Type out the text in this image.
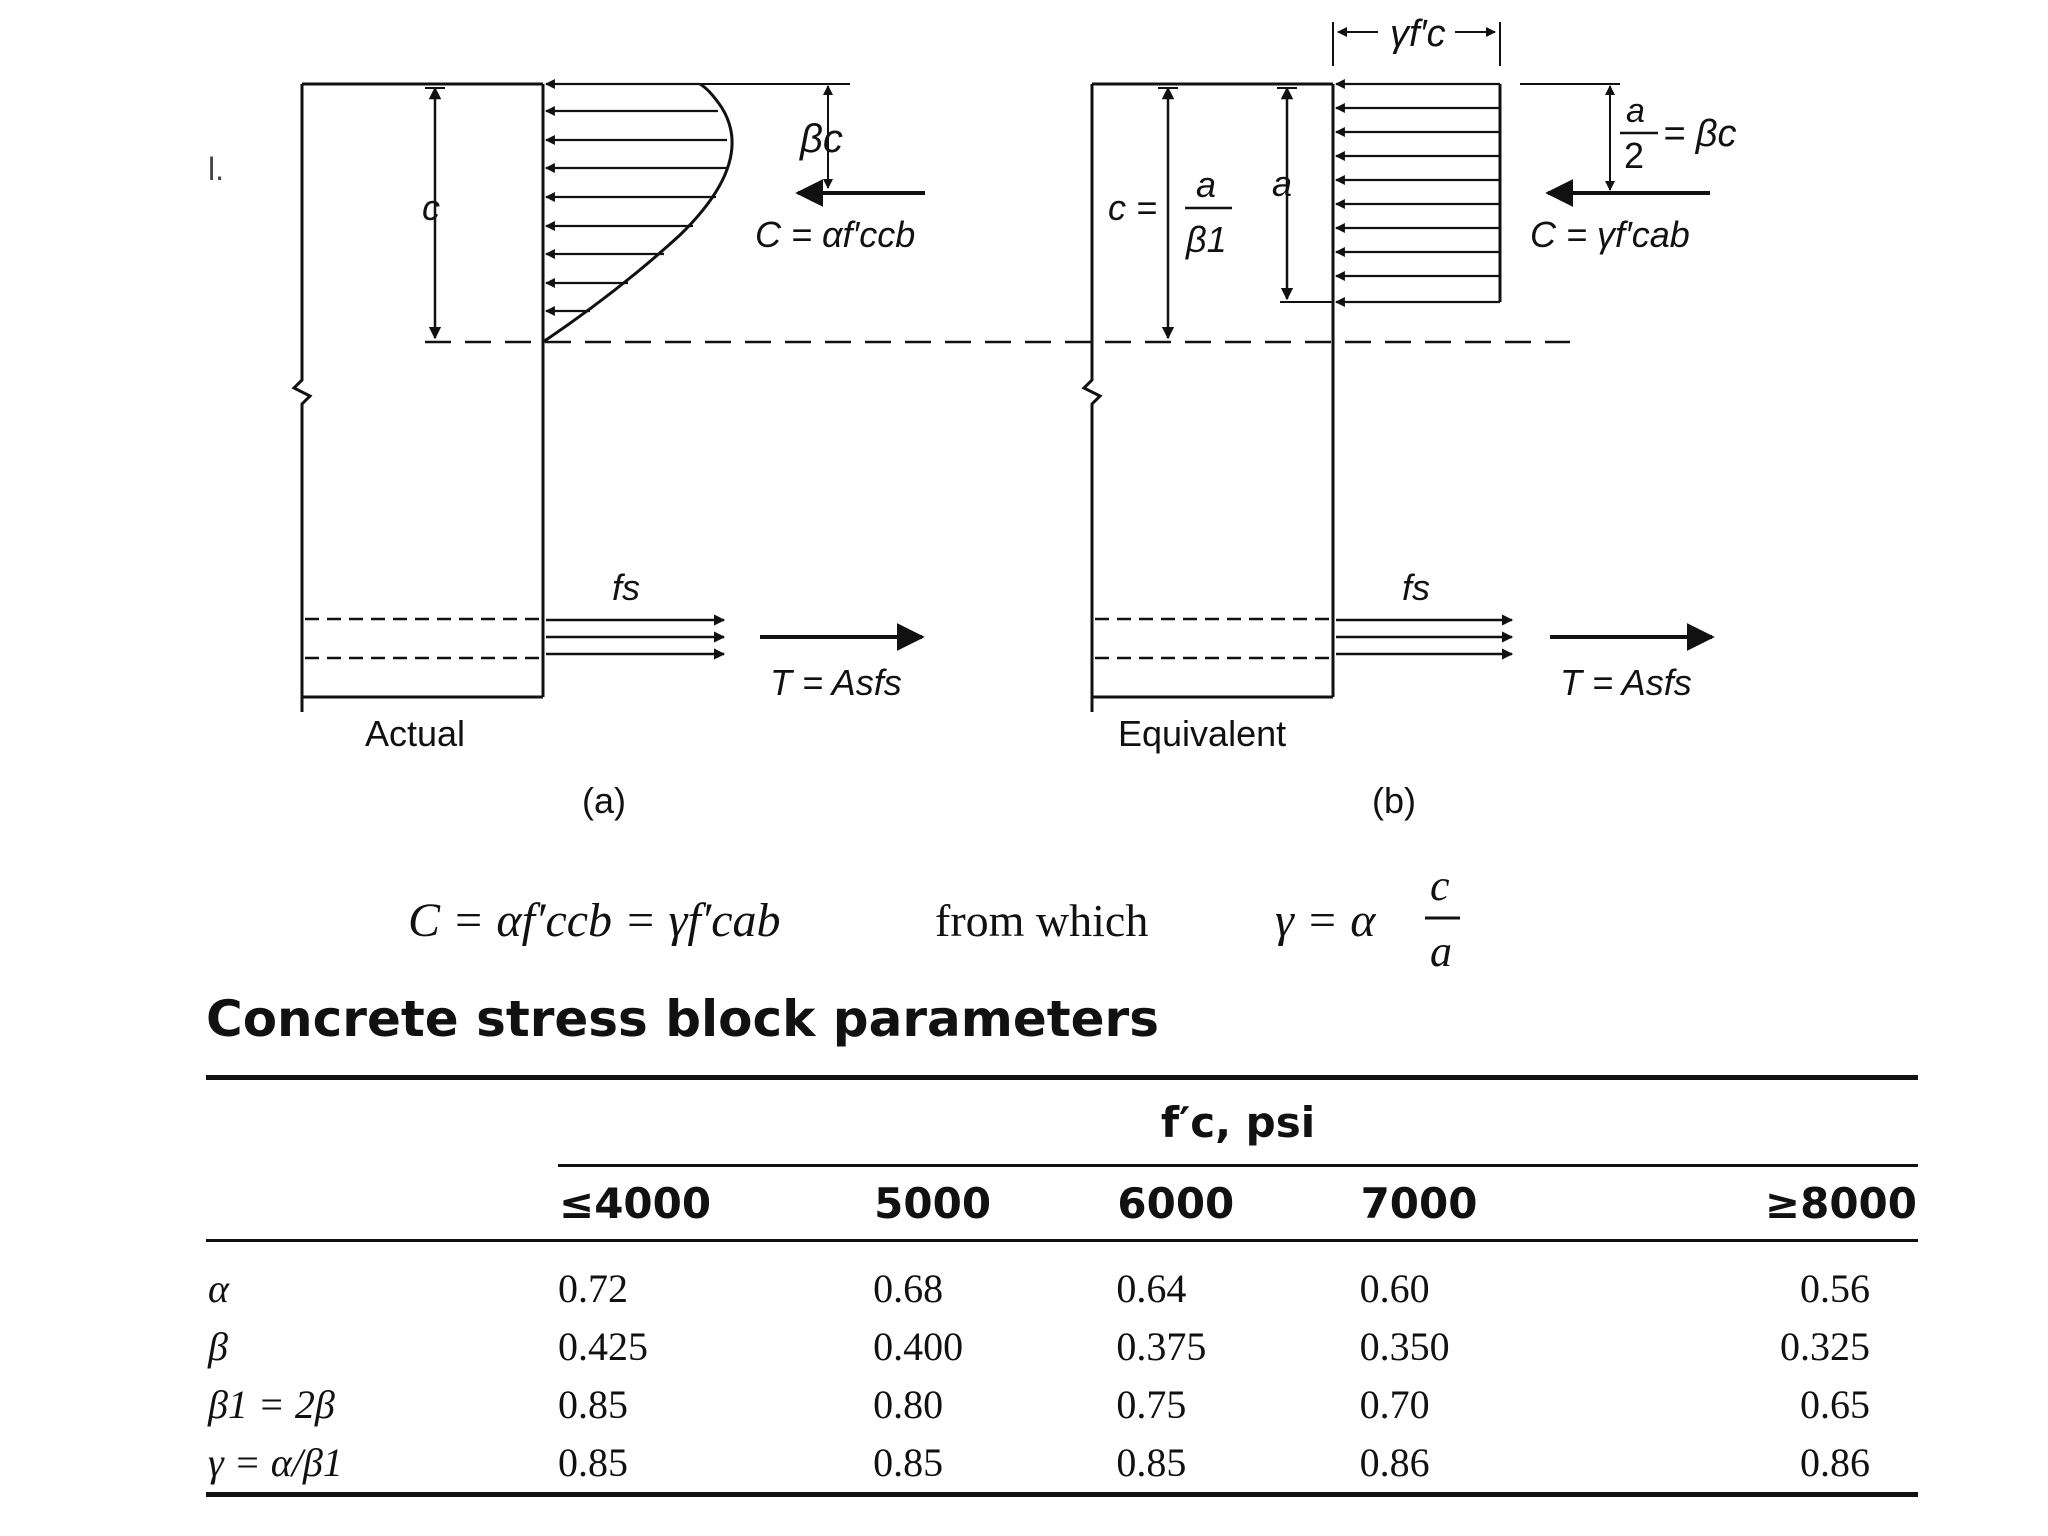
l.
c
βc
C = αf′ccb
fs
T = Asfs
Actual
(a)
γf′c
c =
a
β1
a
a
2
= βc
C = γf′cab
fs
T = Asfs
Equivalent
(b)
C = αf′ccb = γf′cab	from which	γ = α
c
a
Concrete stress block parameters
	f′c, psi				
	≤4000	5000	6000	7000	≥8000
α	0.72	0.68	0.64	0.60	0.56
β	0.425	0.400	0.375	0.350	0.325
β1 = 2β	0.85	0.80	0.75	0.70	0.65
γ = α/β1	0.85	0.85	0.85	0.86	0.86
